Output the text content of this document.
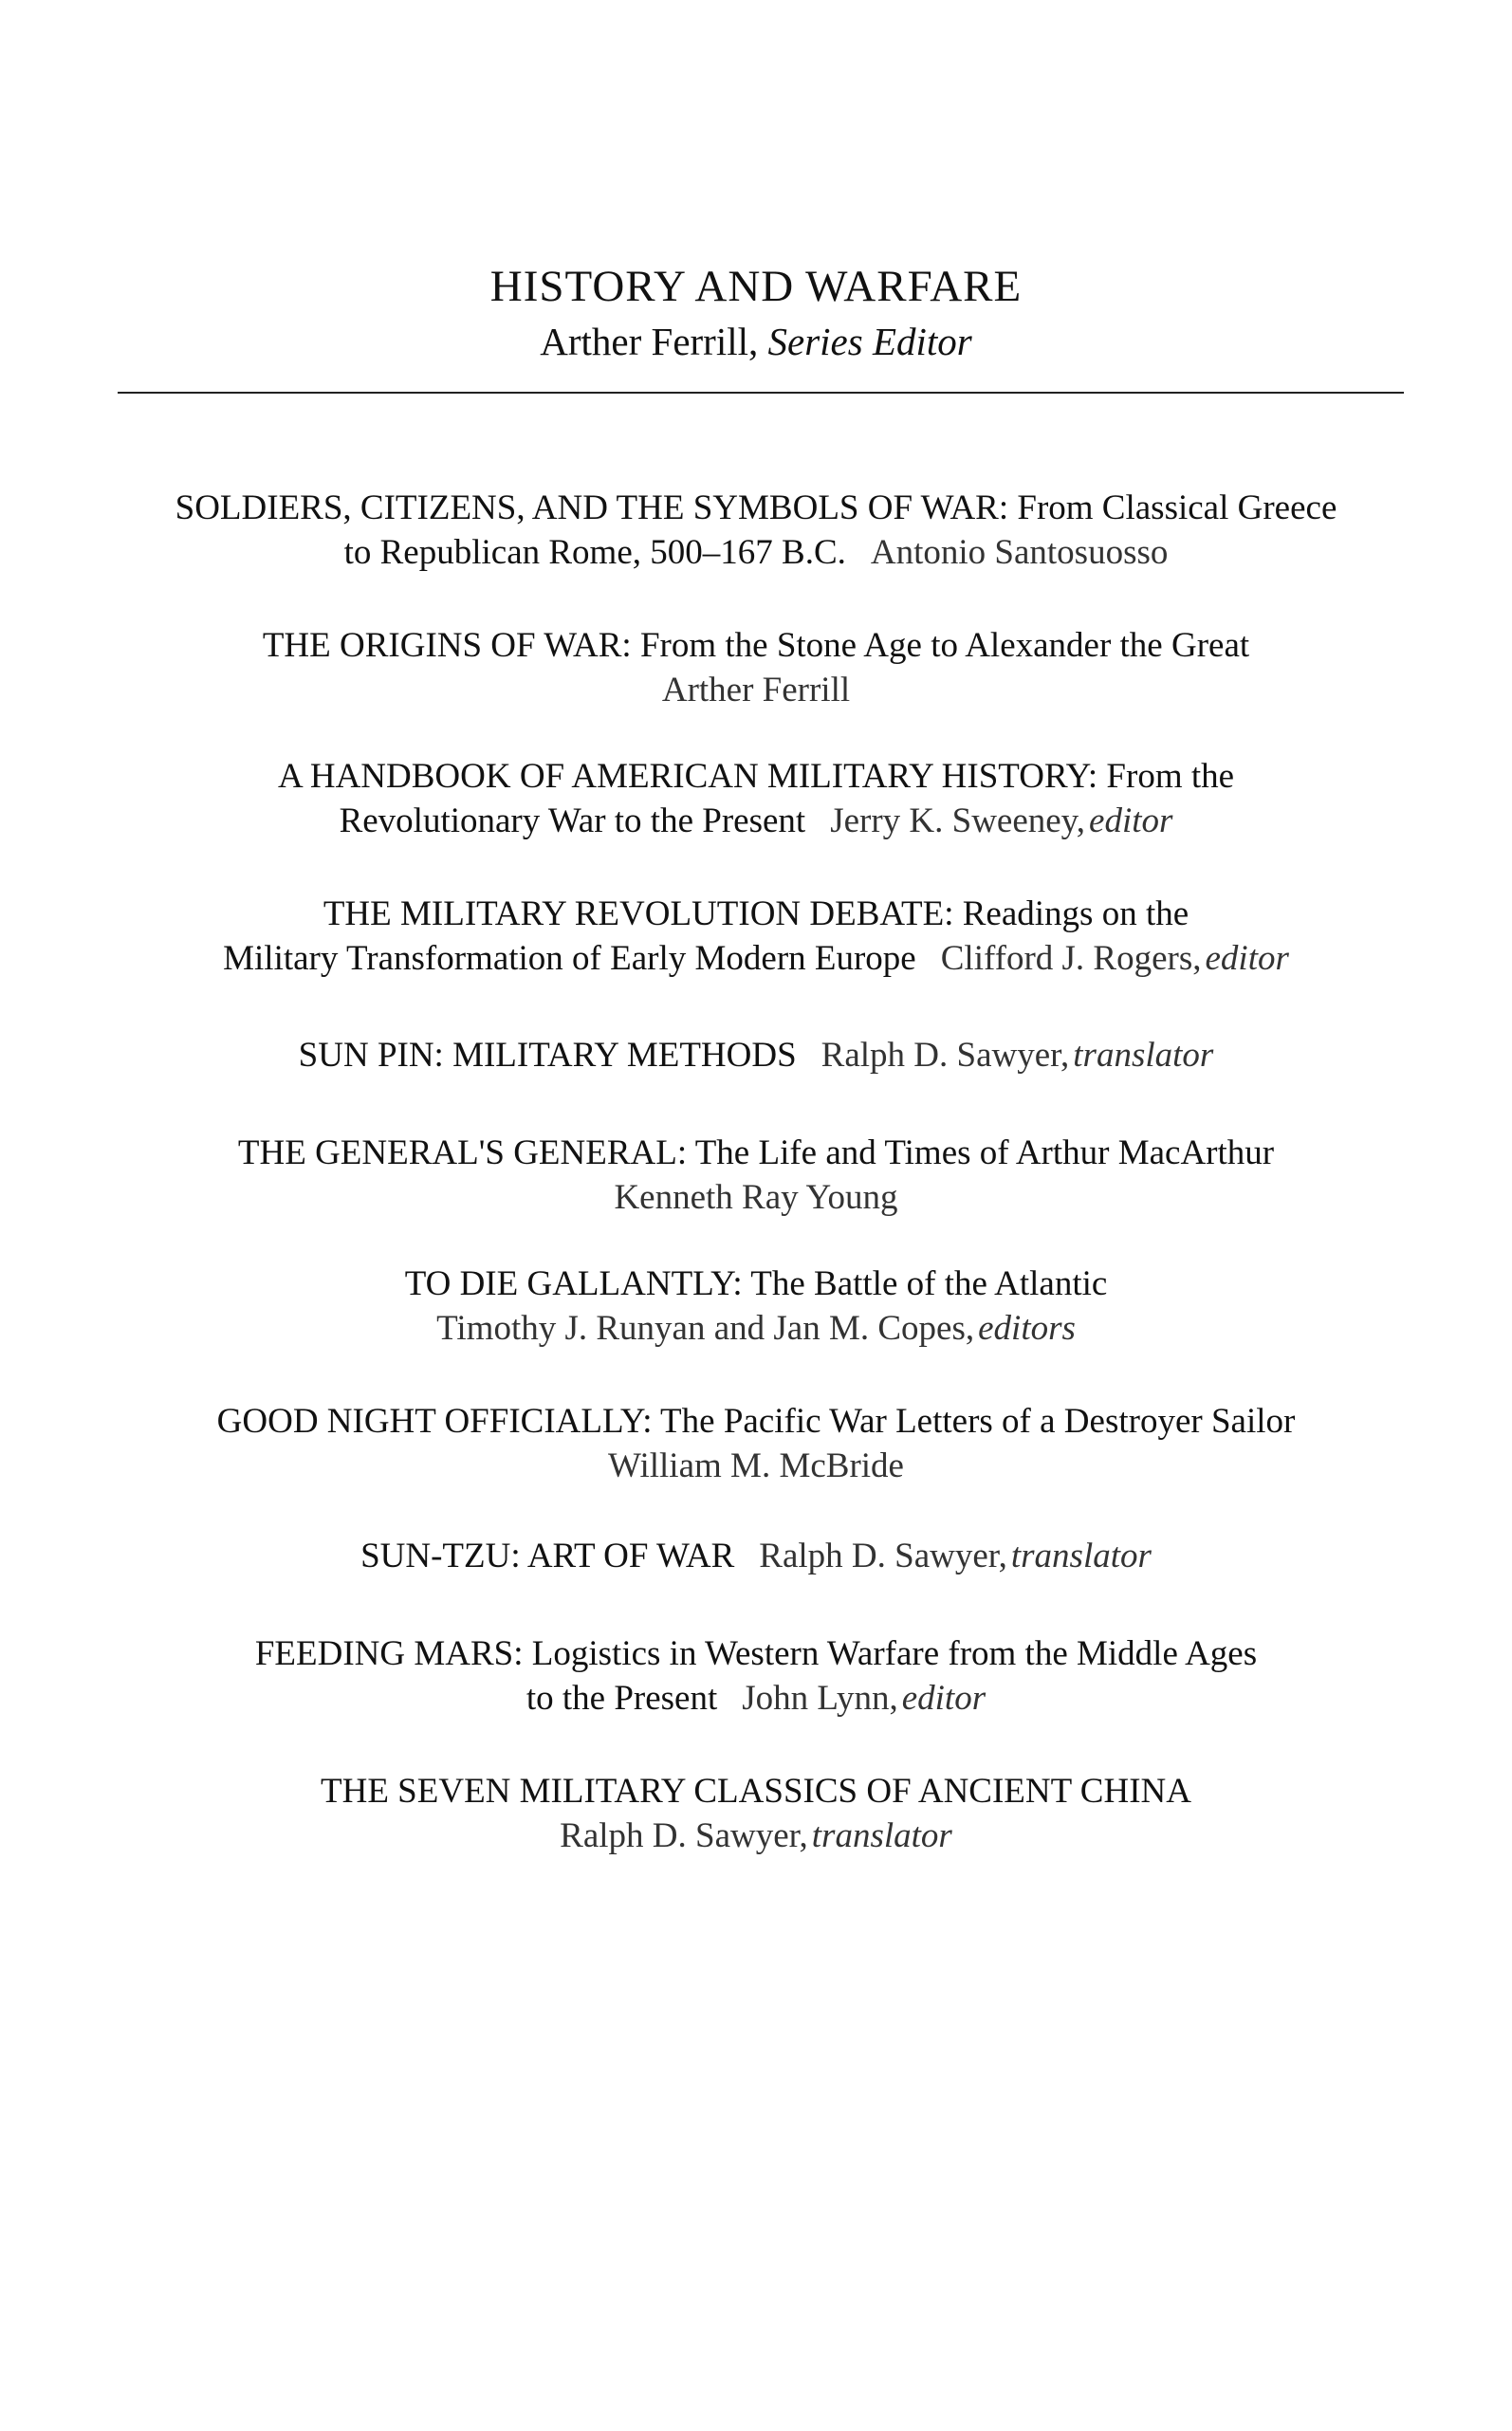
HISTORY AND WARFARE
Arther Ferrill, Series Editor
SOLDIERS, CITIZENS, AND THE SYMBOLS OF WAR: From Classical Greece
to Republican Rome, 500–167 B.C. Antonio Santosuosso
THE ORIGINS OF WAR: From the Stone Age to Alexander the Great
Arther Ferrill
A HANDBOOK OF AMERICAN MILITARY HISTORY: From the
Revolutionary War to the Present Jerry K. Sweeney, editor
THE MILITARY REVOLUTION DEBATE: Readings on the
Military Transformation of Early Modern Europe Clifford J. Rogers, editor
SUN PIN: MILITARY METHODS Ralph D. Sawyer, translator
THE GENERAL'S GENERAL: The Life and Times of Arthur MacArthur
Kenneth Ray Young
TO DIE GALLANTLY: The Battle of the Atlantic
Timothy J. Runyan and Jan M. Copes, editors
GOOD NIGHT OFFICIALLY: The Pacific War Letters of a Destroyer Sailor
William M. McBride
SUN-TZU: ART OF WAR Ralph D. Sawyer, translator
FEEDING MARS: Logistics in Western Warfare from the Middle Ages
to the Present John Lynn, editor
THE SEVEN MILITARY CLASSICS OF ANCIENT CHINA
Ralph D. Sawyer, translator
